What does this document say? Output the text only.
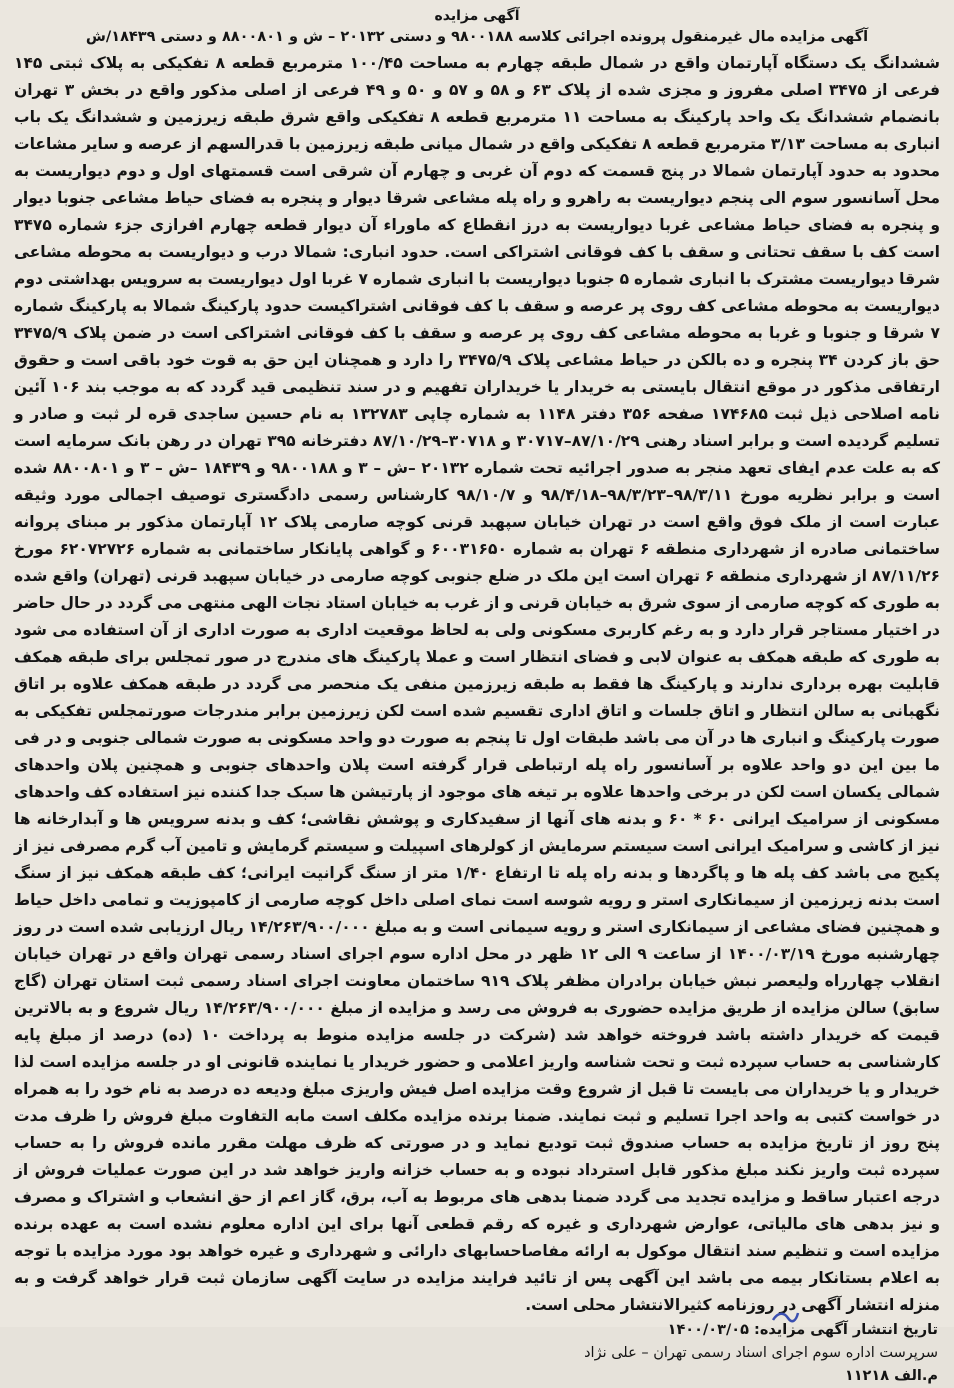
آگهی مزایده
آگهی مزایده مال غیرمنقول پرونده اجرائی کلاسه ۹۸۰۰۱۸۸ و دستی ۲۰۱۳۲ – ش و ۸۸۰۰۸۰۱ و دستی ۱۸۴۳۹/ش

ششدانگ یک دستگاه آپارتمان واقع در شمال طبقه چهارم به مساحت ۱۰۰/۴۵ مترمربع قطعه ۸ تفکیکی به پلاک ثبتی ۱۴۵ فرعی از ۳۴۷۵ اصلی مفروز و مجزی شده از پلاک ۶۳ و ۵۸ و ۵۷ و ۵۰ و ۴۹ فرعی از اصلی مذکور واقع در بخش ۳ تهران بانضمام ششدانگ یک واحد پارکینگ به مساحت ۱۱ مترمربع قطعه ۸ تفکیکی واقع شرق طبقه زیرزمین و ششدانگ یک باب انباری به مساحت ۳/۱۳ مترمربع قطعه ۸ تفکیکی واقع در شمال میانی طبقه زیرزمین با قدرالسهم از عرصه و سایر مشاعات محدود به حدود آپارتمان شمالا در پنج قسمت که دوم آن غربی و چهارم آن شرقی است قسمتهای اول و دوم دیواریست به محل آسانسور سوم الی پنجم دیواریست به راهرو و راه پله مشاعی شرقا دیوار و پنجره به فضای حیاط مشاعی جنوبا دیوار و پنجره به فضای حیاط مشاعی غربا دیواریست به درز انقطاع که ماوراء آن دیوار قطعه چهارم افرازی جزء شماره ۳۴۷۵ است کف با سقف تحتانی و سقف با کف فوقانی اشتراکی است. حدود انباری: شمالا درب و دیواریست به محوطه مشاعی شرقا دیواریست مشترک با انباری شماره ۵ جنوبا دیواریست با انباری شماره ۷ غربا اول دیواریست به سرویس بهداشتی دوم دیواریست به محوطه مشاعی کف روی پر عرصه و سقف با کف فوقانی اشتراکیست حدود پارکینگ شمالا به پارکینگ شماره ۷ شرقا و جنوبا و غربا به محوطه مشاعی کف روی پر عرصه و سقف با کف فوقانی اشتراکی است در ضمن پلاک ۳۴۷۵/۹ حق باز کردن ۳۴ پنجره و ده بالکن در حیاط مشاعی پلاک ۳۴۷۵/۹ را دارد و همچنان این حق به قوت خود باقی است و حقوق ارتفاقی مذکور در موقع انتقال بایستی به خریدار یا خریداران تفهیم و در سند تنظیمی قید گردد که به موجب بند ۱۰۶ آئین نامه اصلاحی ذیل ثبت ۱۷۴۶۸۵ صفحه ۳۵۶ دفتر ۱۱۴۸ به شماره چاپی ۱۳۲۷۸۳ به نام حسین ساجدی قره لر ثبت و صادر و تسلیم گردیده است و برابر اسناد رهنی ۸۷/۱۰/۲۹–۳۰۷۱۷ و ۳۰۷۱۸–۸۷/۱۰/۲۹ دفترخانه ۳۹۵ تهران در رهن بانک سرمایه است که به علت عدم ایفای تعهد منجر به صدور اجرائیه تحت شماره ۲۰۱۳۲ –ش – ۳ و ۹۸۰۰۱۸۸ و ۱۸۴۳۹ –ش – ۳ و ۸۸۰۰۸۰۱ شده است و برابر نظریه مورخ ۹۸/۳/۱۱–۹۸/۳/۲۳–۹۸/۴/۱۸ و ۹۸/۱۰/۷ کارشناس رسمی دادگستری توصیف اجمالی مورد وثیقه عبارت است از ملک فوق واقع است در تهران خیابان سپهبد قرنی کوچه صارمی پلاک ۱۲ آپارتمان مذکور بر مبنای پروانه ساختمانی صادره از شهرداری منطقه ۶ تهران به شماره ۶۰۰۳۱۶۵۰ و گواهی پایانکار ساختمانی به شماره ۶۲۰۷۲۷۲۶ مورخ ۸۷/۱۱/۲۶ از شهرداری منطقه ۶ تهران است این ملک در ضلع جنوبی کوچه صارمی در خیابان سپهبد قرنی (تهران) واقع شده به طوری که کوچه صارمی از سوی شرق به خیابان قرنی و از غرب به خیابان استاد نجات الهی منتهی می گردد در حال حاضر در اختیار مستاجر قرار دارد و به رغم کاربری مسکونی ولی به لحاظ موقعیت اداری به صورت اداری از آن استفاده می شود به طوری که طبقه همکف به عنوان لابی و فضای انتظار است و عملا پارکینگ های مندرج در صور تمجلس برای طبقه همکف قابلیت بهره برداری ندارند و پارکینگ ها فقط به طبقه زیرزمین منفی یک منحصر می گردد در طبقه همکف علاوه بر اتاق نگهبانی به سالن انتظار و اتاق جلسات و اتاق اداری تقسیم شده است لکن زیرزمین برابر مندرجات صورتمجلس تفکیکی به صورت پارکینگ و انباری ها در آن می باشد طبقات اول تا پنجم به صورت دو واحد مسکونی به صورت شمالی جنوبی و در فی ما بین این دو واحد علاوه بر آسانسور راه پله ارتباطی قرار گرفته است پلان واحدهای جنوبی و همچنین پلان واحدهای شمالی یکسان است لکن در برخی واحدها علاوه بر تیغه های موجود از پارتیشن ها سبک جدا کننده نیز استفاده کف واحدهای مسکونی از سرامیک ایرانی ۶۰ * ۶۰ و بدنه های آنها از سفیدکاری و پوشش نقاشی؛ کف و بدنه سرویس ها و آبدارخانه ها نیز از کاشی و سرامیک ایرانی است سیستم سرمایش از کولرهای اسپیلت و سیستم گرمایش و تامین آب گرم مصرفی نیز از پکیج می باشد کف پله ها و پاگردها و بدنه راه پله تا ارتفاع ۱/۴۰ متر از سنگ گرانیت ایرانی؛ کف طبقه همکف نیز از سنگ است بدنه زیرزمین از سیمانکاری استر و رویه شوسه است نمای اصلی داخل کوچه صارمی از کامپوزیت و تمامی داخل حیاط و همچنین فضای مشاعی از سیمانکاری استر و رویه سیمانی است و به مبلغ ۱۴/۲۶۳/۹۰۰/۰۰۰ ریال ارزیابی شده است در روز چهارشنبه مورخ ۱۴۰۰/۰۳/۱۹ از ساعت ۹ الی ۱۲ ظهر در محل اداره سوم اجرای اسناد رسمی تهران واقع در تهران خیابان انقلاب چهارراه ولیعصر نبش خیابان برادران مظفر پلاک ۹۱۹ ساختمان معاونت اجرای اسناد رسمی ثبت استان تهران (گاج سابق) سالن مزایده از طریق مزایده حضوری به فروش می رسد و مزایده از مبلغ ۱۴/۲۶۳/۹۰۰/۰۰۰ ریال شروع و به بالاترین قیمت که خریدار داشته باشد فروخته خواهد شد (شرکت در جلسه مزایده منوط به پرداخت ۱۰ (ده) درصد از مبلغ پایه کارشناسی به حساب سپرده ثبت و تحت شناسه واریز اعلامی و حضور خریدار یا نماینده قانونی او در جلسه مزایده است لذا خریدار و یا خریداران می بایست تا قبل از شروع وقت مزایده اصل فیش واریزی مبلغ ودیعه ده درصد به نام خود را به همراه در خواست کتبی به واحد اجرا تسلیم و ثبت نمایند. ضمنا برنده مزایده مکلف است مابه التفاوت مبلغ فروش را ظرف مدت پنج روز از تاریخ مزایده به حساب صندوق ثبت تودیع نماید و در صورتی که ظرف مهلت مقرر مانده فروش را به حساب سپرده ثبت واریز نکند مبلغ مذکور قابل استرداد نبوده و به حساب خزانه واریز خواهد شد در این صورت عملیات فروش از درجه اعتبار ساقط و مزایده تجدید می گردد ضمنا بدهی های مربوط به آب، برق، گاز اعم از حق انشعاب و اشتراک و مصرف و نیز بدهی های مالیاتی، عوارض شهرداری و غیره که رقم قطعی آنها برای این اداره معلوم نشده است به عهده برنده مزایده است و تنظیم سند انتقال موکول به ارائه مفاصاحسابهای دارائی و شهرداری و غیره خواهد بود مورد مزایده با توجه به اعلام بستانکار بیمه می باشد این آگهی پس از تائید فرایند مزایده در سایت آگهی سازمان ثبت قرار خواهد گرفت و به منزله انتشار آگهی در روزنامه کثیرالانتشار محلی است.

تاریخ انتشار آگهی مزایده: ۱۴۰۰/۰۳/۰۵

سرپرست اداره سوم اجرای اسناد رسمی تهران – علی نژاد

م.الف ۱۱۲۱۸
